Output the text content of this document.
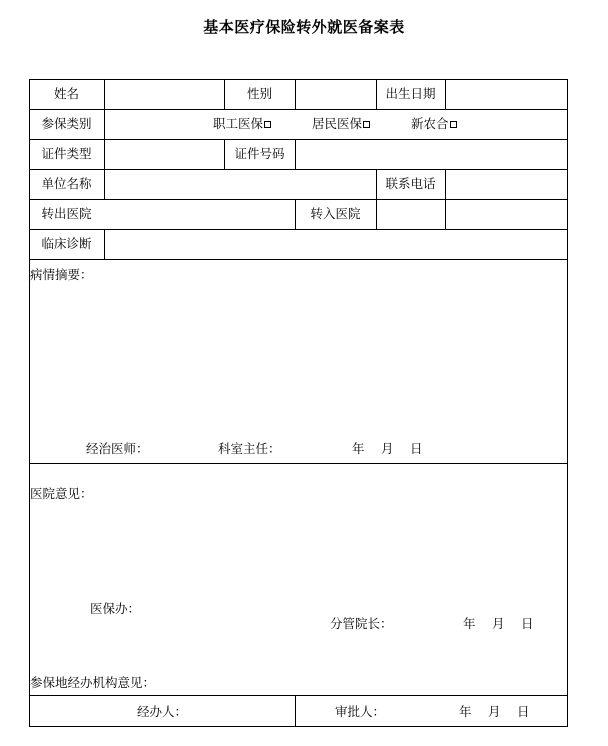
基本医疗保险转外就医备案表
姓名	性别	出生日期
参保类别	职工医保	居民医保	新农合
证件类型	证件号码
单位名称	联系电话
转出医院	转入医院
临床诊断
病情摘要：
经治医师：	科室主任：	年 月 日
医院意见：
医保办：
分管院长：	年 月 日
参保地经办机构意见：
经办人：	审批人：	年 月 日
